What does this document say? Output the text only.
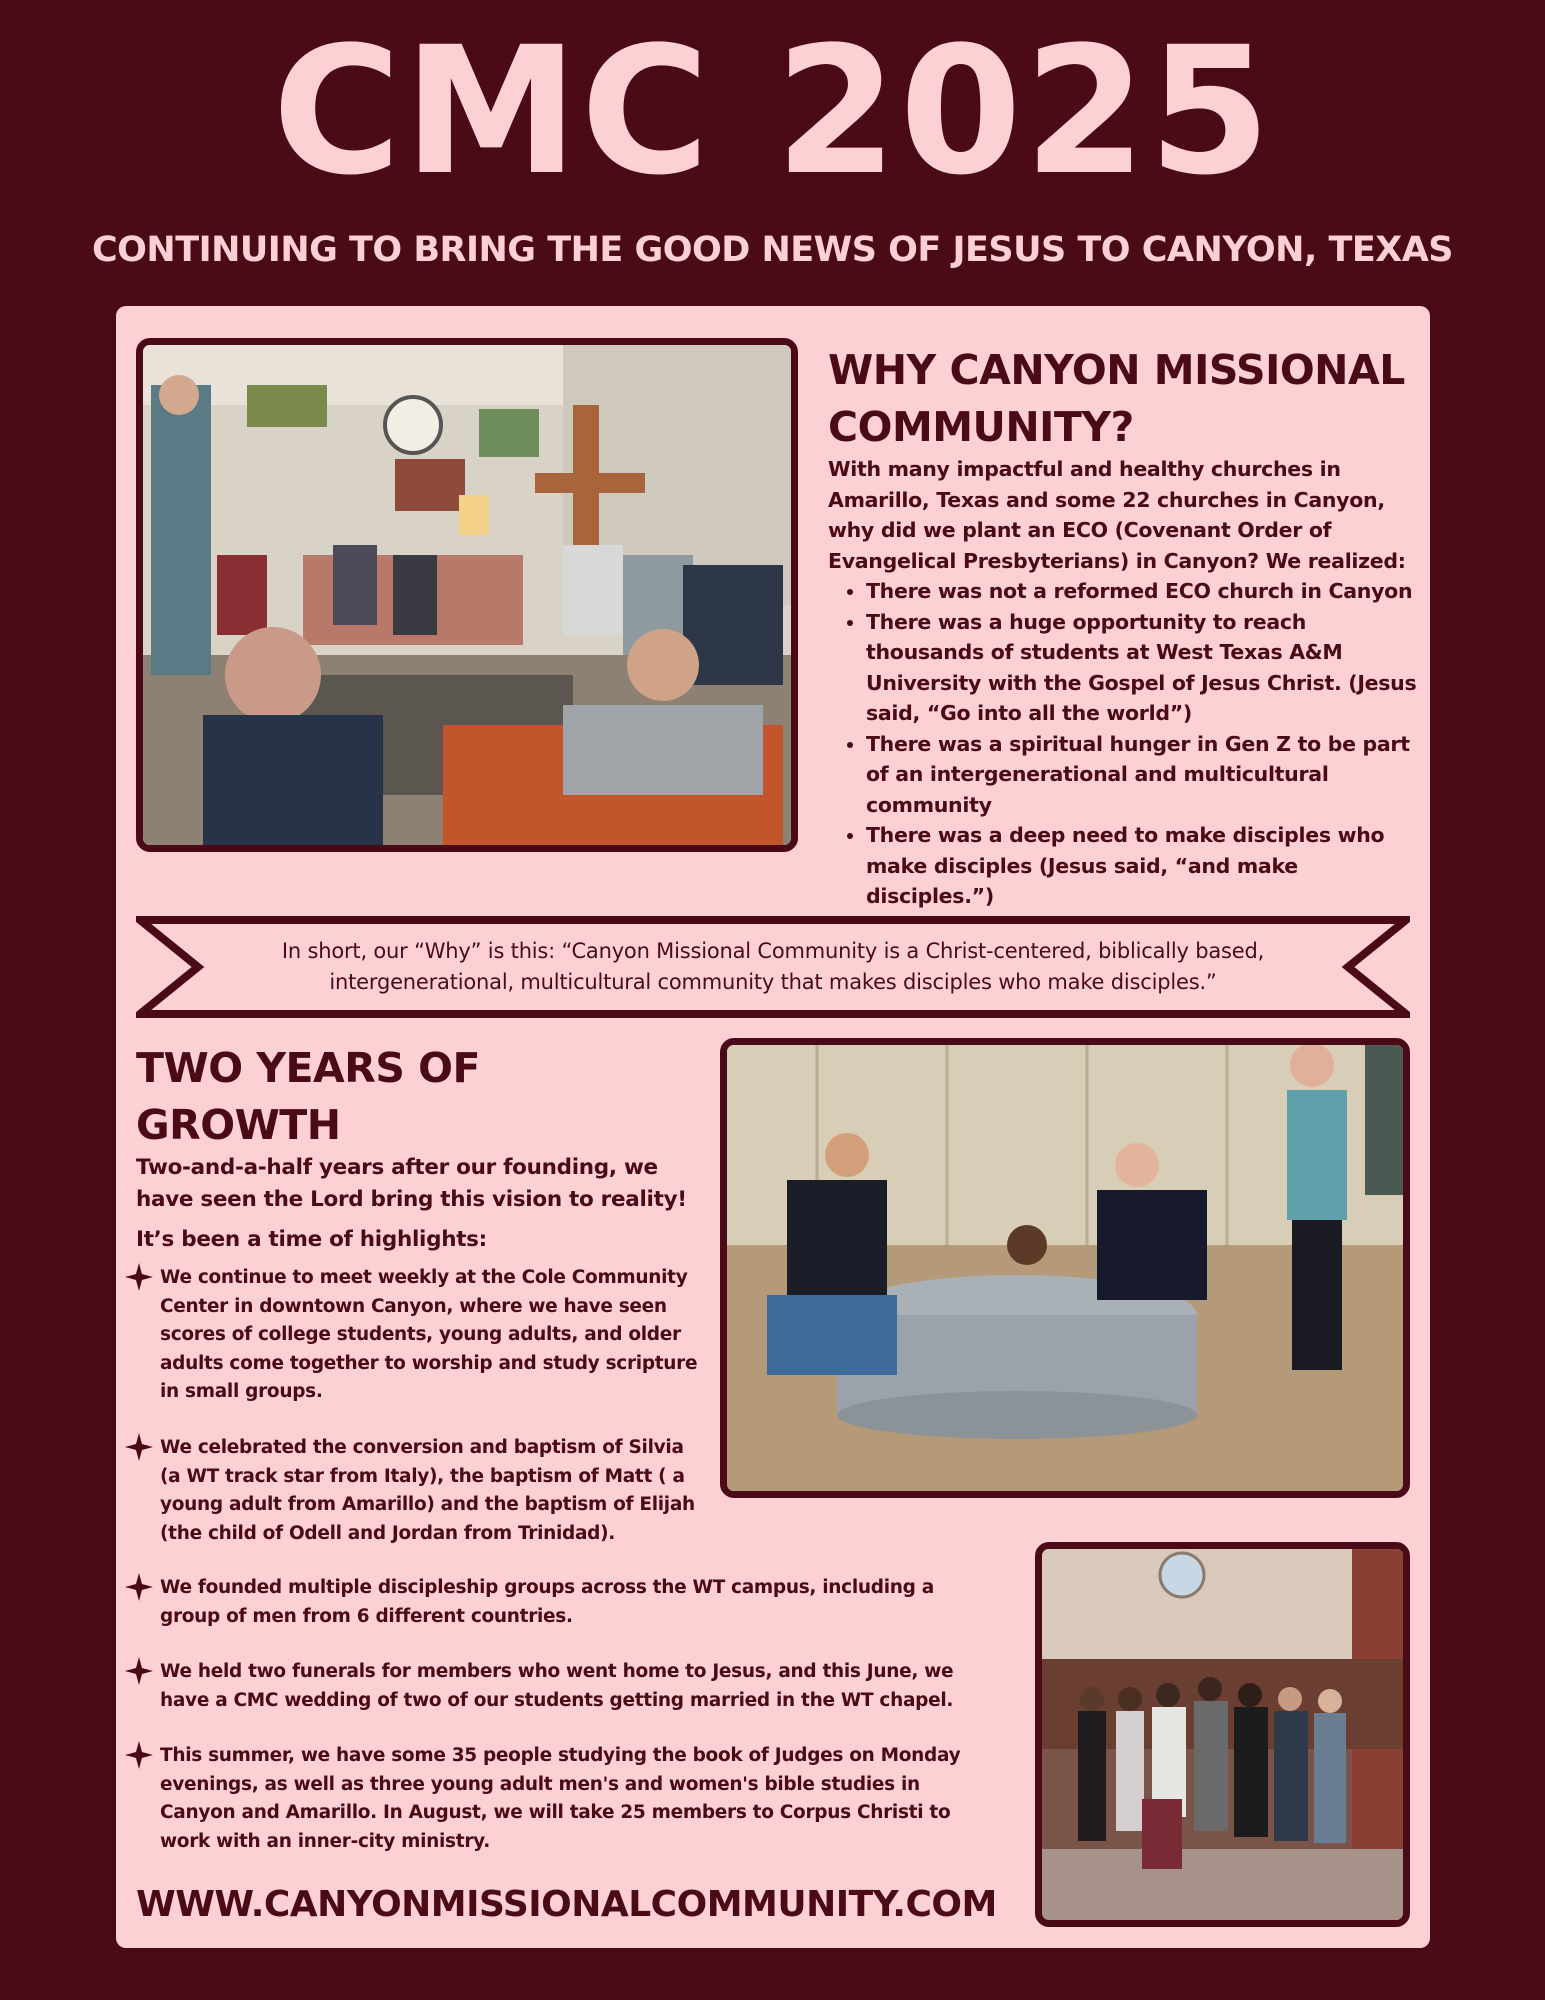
CMC 2025
CONTINUING TO BRING THE GOOD NEWS OF JESUS TO CANYON, TEXAS
WHY CANYON MISSIONAL COMMUNITY?
With many impactful and healthy churches in Amarillo, Texas and some 22 churches in Canyon, why did we plant an ECO (Covenant Order of Evangelical Presbyterians) in Canyon? We realized:
• There was not a reformed ECO church in Canyon
• There was a huge opportunity to reach thousands of students at West Texas A&M University with the Gospel of Jesus Christ. (Jesus said, “Go into all the world”)
• There was a spiritual hunger in Gen Z to be part of an intergenerational and multicultural community
• There was a deep need to make disciples who make disciples (Jesus said, “and make disciples.”)
In short, our “Why” is this: “Canyon Missional Community is a Christ-centered, biblically based, intergenerational, multicultural community that makes disciples who make disciples.”
TWO YEARS OF GROWTH
Two-and-a-half years after our founding, we have seen the Lord bring this vision to reality!
It’s been a time of highlights:
We continue to meet weekly at the Cole Community Center in downtown Canyon, where we have seen scores of college students, young adults, and older adults come together to worship and study scripture in small groups.
We celebrated the conversion and baptism of Silvia (a WT track star from Italy), the baptism of Matt ( a young adult from Amarillo) and the baptism of Elijah (the child of Odell and Jordan from Trinidad).
We founded multiple discipleship groups across the WT campus, including a group of men from 6 different countries.
We held two funerals for members who went home to Jesus, and this June, we have a CMC wedding of two of our students getting married in the WT chapel.
This summer, we have some 35 people studying the book of Judges on Monday evenings, as well as three young adult men's and women's bible studies in Canyon and Amarillo. In August, we will take 25 members to Corpus Christi to work with an inner-city ministry.
WWW.CANYONMISSIONALCOMMUNITY.COM
